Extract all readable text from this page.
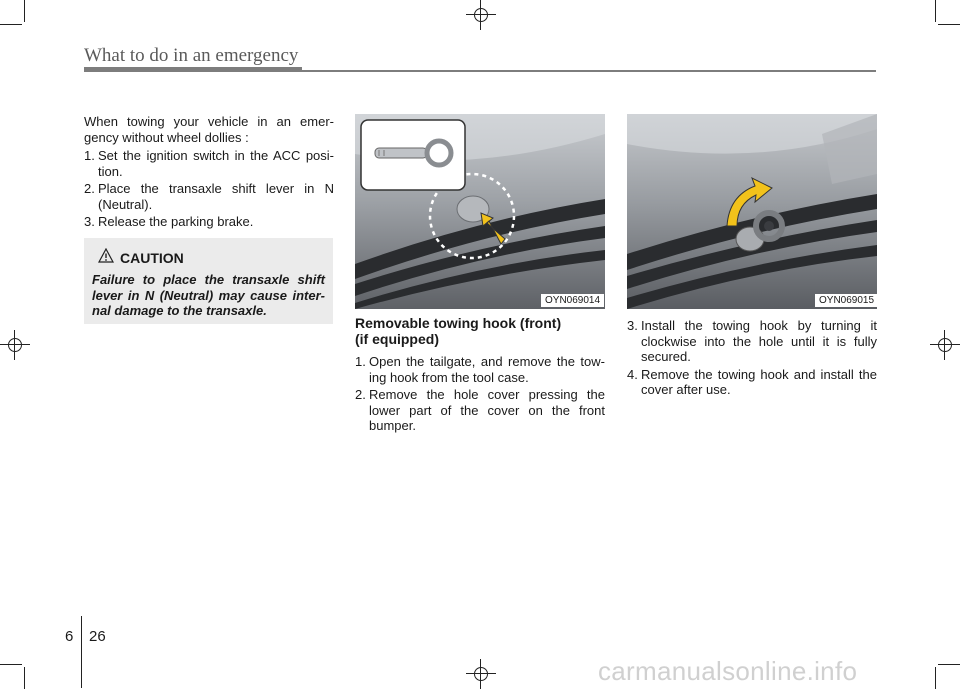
What to do in an emergency

When towing your vehicle in an emer-gency without wheel dollies :

1. Set the ignition switch in the ACC posi-tion.
2. Place the transaxle shift lever in N (Neutral).
3. Release the parking brake.
CAUTION

Failure to place the transaxle shift lever in N (Neutral) may cause inter-nal damage to the transaxle.

OYN069014	OYN069015
Removable towing hook (front)
(if equipped)
1. Open the tailgate, and remove the tow-ing hook from the tool case.
2. Remove the hole cover pressing the lower part of the cover on the front bumper.
3. Install the towing hook by turning it clockwise into the hole until it is fully secured.
4. Remove the towing hook and install the cover after use.
6 26
carmanualsonline.info
